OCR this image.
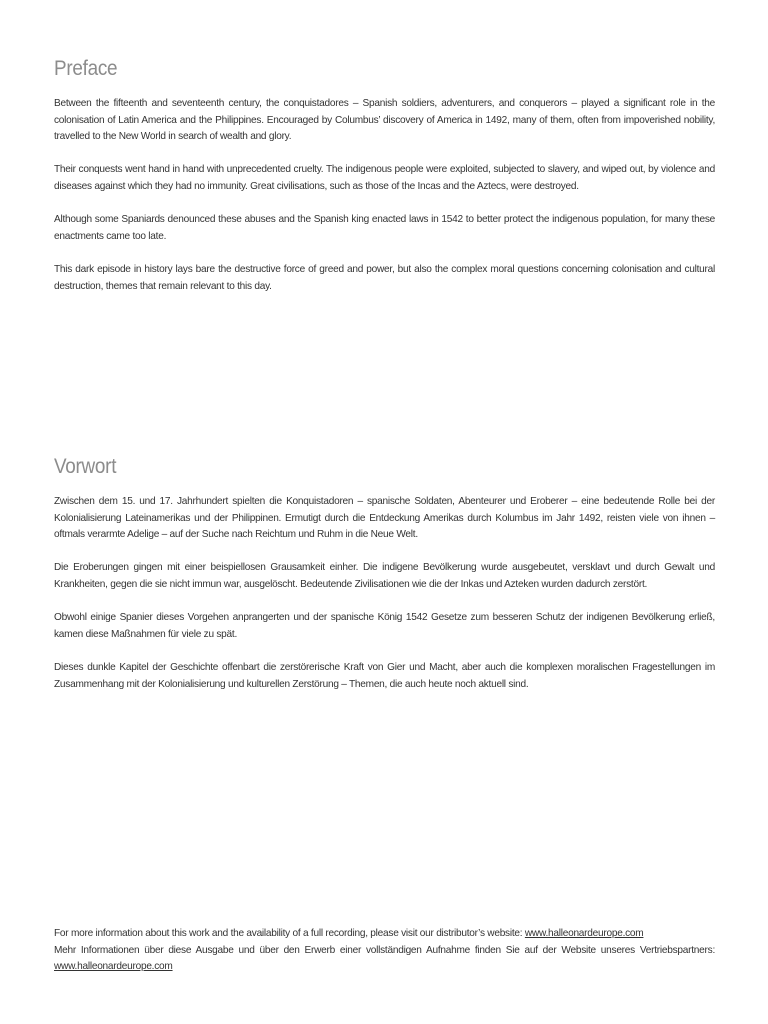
Preface

Between the fifteenth and seventeenth century, the conquistadores – Spanish soldiers, adventurers, and conquerors – played a significant role in the colonisation of Latin America and the Philippines. Encouraged by Columbus’ discovery of America in 1492, many of them, often from impoverished nobility, travelled to the New World in search of wealth and glory.

Their conquests went hand in hand with unprecedented cruelty. The indigenous people were exploited, subjected to slavery, and wiped out, by violence and diseases against which they had no immunity. Great civilisations, such as those of the Incas and the Aztecs, were destroyed.

Although some Spaniards denounced these abuses and the Spanish king enacted laws in 1542 to better protect the indigenous population, for many these enactments came too late.

This dark episode in history lays bare the destructive force of greed and power, but also the complex moral questions concerning colonisation and cultural destruction, themes that remain relevant to this day.

Vorwort

Zwischen dem 15. und 17. Jahrhundert spielten die Konquistadoren – spanische Soldaten, Abenteurer und Eroberer – eine bedeutende Rolle bei der Kolonialisierung Lateinamerikas und der Philippinen. Ermutigt durch die Entdeckung Amerikas durch Kolumbus im Jahr 1492, reisten viele von ihnen – oftmals verarmte Adelige – auf der Suche nach Reichtum und Ruhm in die Neue Welt.

Die Eroberungen gingen mit einer beispiellosen Grausamkeit einher. Die indigene Bevölkerung wurde ausgebeutet, versklavt und durch Gewalt und Krankheiten, gegen die sie nicht immun war, ausgelöscht. Bedeutende Zivilisationen wie die der Inkas und Azteken wurden dadurch zerstört.

Obwohl einige Spanier dieses Vorgehen anprangerten und der spanische König 1542 Gesetze zum besseren Schutz der indigenen Bevölkerung erließ, kamen diese Maßnahmen für viele zu spät.

Dieses dunkle Kapitel der Geschichte offenbart die zerstörerische Kraft von Gier und Macht, aber auch die komplexen moralischen Fragestellungen im Zusammenhang mit der Kolonialisierung und kulturellen Zerstörung – Themen, die auch heute noch aktuell sind.

For more information about this work and the availability of a full recording, please visit our distributor’s website: www.halleonardeurope.com
Mehr Informationen über diese Ausgabe und über den Erwerb einer vollständigen Aufnahme finden Sie auf der Website unseres Vertriebspartners: www.halleonardeurope.com
